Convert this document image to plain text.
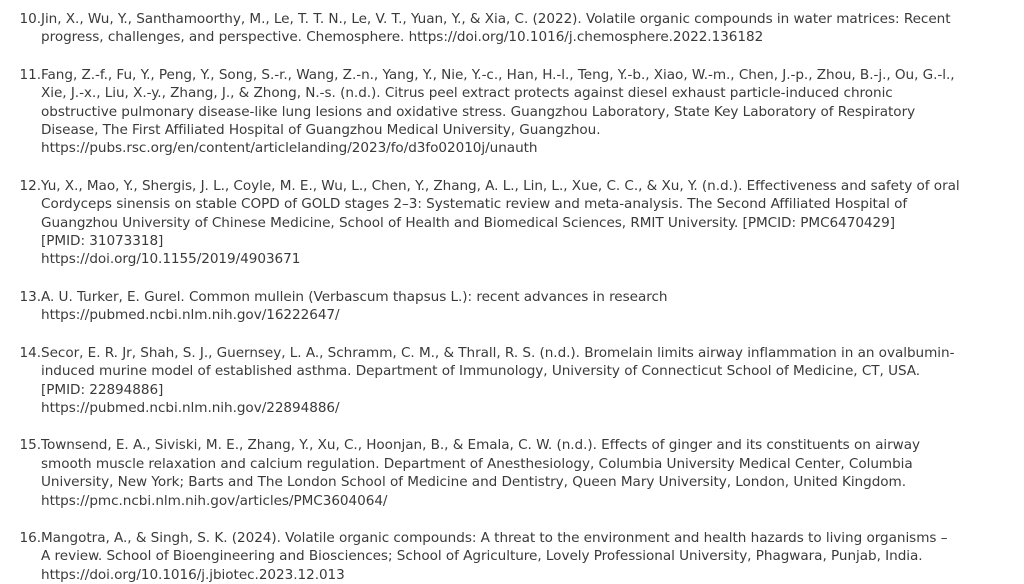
10. Jin, X., Wu, Y., Santhamoorthy, M., Le, T. T. N., Le, V. T., Yuan, Y., & Xia, C. (2022). Volatile organic compounds in water matrices: Recent
progress, challenges, and perspective. Chemosphere. https://doi.org/10.1016/j.chemosphere.2022.136182
11. Fang, Z.-f., Fu, Y., Peng, Y., Song, S.-r., Wang, Z.-n., Yang, Y., Nie, Y.-c., Han, H.-l., Teng, Y.-b., Xiao, W.-m., Chen, J.-p., Zhou, B.-j., Ou, G.-l.,
Xie, J.-x., Liu, X.-y., Zhang, J., & Zhong, N.-s. (n.d.). Citrus peel extract protects against diesel exhaust particle-induced chronic
obstructive pulmonary disease-like lung lesions and oxidative stress. Guangzhou Laboratory, State Key Laboratory of Respiratory
Disease, The First Affiliated Hospital of Guangzhou Medical University, Guangzhou.
https://pubs.rsc.org/en/content/articlelanding/2023/fo/d3fo02010j/unauth
12. Yu, X., Mao, Y., Shergis, J. L., Coyle, M. E., Wu, L., Chen, Y., Zhang, A. L., Lin, L., Xue, C. C., & Xu, Y. (n.d.). Effectiveness and safety of oral
Cordyceps sinensis on stable COPD of GOLD stages 2–3: Systematic review and meta-analysis. The Second Affiliated Hospital of
Guangzhou University of Chinese Medicine, School of Health and Biomedical Sciences, RMIT University. [PMCID: PMC6470429]
[PMID: 31073318]
https://doi.org/10.1155/2019/4903671
13. A. U. Turker, E. Gurel. Common mullein (Verbascum thapsus L.): recent advances in research
https://pubmed.ncbi.nlm.nih.gov/16222647/
14. Secor, E. R. Jr, Shah, S. J., Guernsey, L. A., Schramm, C. M., & Thrall, R. S. (n.d.). Bromelain limits airway inflammation in an ovalbumin-
induced murine model of established asthma. Department of Immunology, University of Connecticut School of Medicine, CT, USA.
[PMID: 22894886]
https://pubmed.ncbi.nlm.nih.gov/22894886/
15. Townsend, E. A., Siviski, M. E., Zhang, Y., Xu, C., Hoonjan, B., & Emala, C. W. (n.d.). Effects of ginger and its constituents on airway
smooth muscle relaxation and calcium regulation. Department of Anesthesiology, Columbia University Medical Center, Columbia
University, New York; Barts and The London School of Medicine and Dentistry, Queen Mary University, London, United Kingdom.
https://pmc.ncbi.nlm.nih.gov/articles/PMC3604064/
16. Mangotra, A., & Singh, S. K. (2024). Volatile organic compounds: A threat to the environment and health hazards to living organisms –
A review. School of Bioengineering and Biosciences; School of Agriculture, Lovely Professional University, Phagwara, Punjab, India.
https://doi.org/10.1016/j.jbiotec.2023.12.013
